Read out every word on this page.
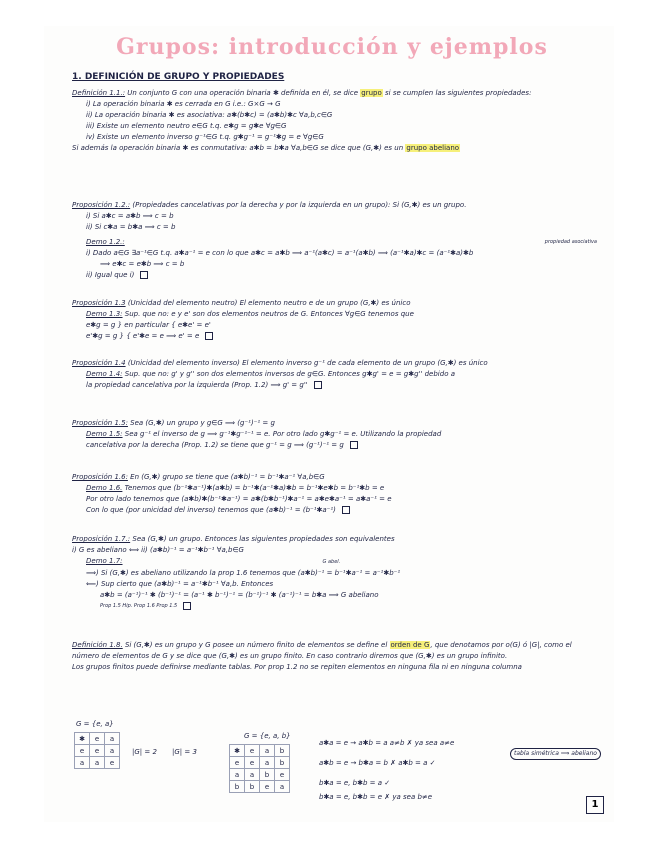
Grupos: introducción y ejemplos
1. DEFINICIÓN DE GRUPO Y PROPIEDADES
Definición 1.1.: Un conjunto G con una operación binaria ✱ definida en él, se dice grupo si se cumplen las siguientes propiedades:
i) La operación binaria ✱ es cerrada en G i.e.: G×G → G
ii) La operación binaria ✱ es asociativa: a✱(b✱c) = (a✱b)✱c ∀a,b,c∈G
iii) Existe un elemento neutro e∈G t.q. e✱g = g✱e ∀g∈G
iv) Existe un elemento inverso g⁻¹∈G t.q. g✱g⁻¹ = g⁻¹✱g = e ∀g∈G
Si además la operación binaria ✱ es conmutativa: a✱b = b✱a ∀a,b∈G se dice que (G,✱) es un grupo abeliano
Proposición 1.2.: (Propiedades cancelativas por la derecha y por la izquierda en un grupo): Si (G,✱) es un grupo.
i) Si a✱c = a✱b ⟹ c = b
ii) Si c✱a = b✱a ⟹ c = b
Demo 1.2.:	propiedad asociativa
i) Dado a∈G ∃a⁻¹∈G t.q. a✱a⁻¹ = e con lo que a✱c = a✱b ⟹ a⁻¹(a✱c) = a⁻¹(a✱b) ⟹ (a⁻¹✱a)✱c = (a⁻¹✱a)✱b
⟹ e✱c = e✱b ⟹ c = b
ii) Igual que i)
Proposición 1.3 (Unicidad del elemento neutro) El elemento neutro e de un grupo (G,✱) es único
Demo 1.3: Sup. que no: e y e' son dos elementos neutros de G. Entonces ∀g∈G tenemos que
e✱g = g } en particular { e✱e' = e'
e'✱g = g } { e'✱e = e ⟹ e' = e
Proposición 1.4 (Unicidad del elemento inverso) El elemento inverso g⁻¹ de cada elemento de un grupo (G,✱) es único
Demo 1.4: Sup. que no: g' y g'' son dos elementos inversos de g∈G. Entonces g✱g' = e = g✱g'' debido a
la propiedad cancelativa por la izquierda (Prop. 1.2) ⟹ g' = g''
Proposición 1.5: Sea (G,✱) un grupo y g∈G ⟹ (g⁻¹)⁻¹ = g
Demo 1.5: Sea g⁻¹ el inverso de g ⟹ g⁻¹✱g⁻¹⁻¹ = e. Por otro lado g✱g⁻¹ = e. Utilizando la propiedad
cancelativa por la derecha (Prop. 1.2) se tiene que g⁻¹ = g ⟹ (g⁻¹)⁻¹ = g
Proposición 1.6: En (G,✱) grupo se tiene que (a✱b)⁻¹ = b⁻¹✱a⁻¹ ∀a,b∈G
Demo 1.6. Tenemos que (b⁻¹✱a⁻¹)✱(a✱b) = b⁻¹✱(a⁻¹✱a)✱b = b⁻¹✱e✱b = b⁻¹✱b = e
Por otro lado tenemos que (a✱b)✱(b⁻¹✱a⁻¹) = a✱(b✱b⁻¹)✱a⁻¹ = a✱e✱a⁻¹ = a✱a⁻¹ = e
Con lo que (por unicidad del inverso) tenemos que (a✱b)⁻¹ = (b⁻¹✱a⁻¹)
Proposición 1.7.: Sea (G,✱) un grupo. Entonces las siguientes propiedades son equivalentes
i) G es abeliano ⟺ ii) (a✱b)⁻¹ = a⁻¹✱b⁻¹ ∀a,b∈G
Demo 1.7:	G abel.
⟹) Si (G,✱) es abeliano utilizando la prop 1.6 tenemos que (a✱b)⁻¹ = b⁻¹✱a⁻¹ = a⁻¹✱b⁻¹
⟸) Sup cierto que (a✱b)⁻¹ = a⁻¹✱b⁻¹ ∀a,b. Entonces
a✱b = (a⁻¹)⁻¹ ✱ (b⁻¹)⁻¹ = (a⁻¹ ✱ b⁻¹)⁻¹ = (b⁻¹)⁻¹ ✱ (a⁻¹)⁻¹ = b✱a ⟹ G abeliano
Prop 1.5 Hip. Prop 1.6 Prop 1.5
Definición 1.8. Si (G,✱) es un grupo y G posee un número finito de elementos se define el orden de G, que denotamos por o(G) ó |G|, como el número de elementos de G y se dice que (G,✱) es un grupo finito. En caso contrario diremos que (G,✱) es un grupo infinito.
Los grupos finitos puede definirse mediante tablas. Por prop 1.2 no se repiten elementos en ninguna fila ni en ninguna columna
G = {e, a}
✱	e	a
e	e	a
a	a	e
|G| = 2 |G| = 3
G = {e, a, b}
✱	e	a	b
e	e	a	b
a	a	b	e
b	b	e	a
a✱a = e → a✱b = a a≠b ✗ ya sea a≠e
a✱b = e → b✱a = b ✗ a✱b = a ✓
b✱a = e, b✱b = a ✓
b✱a = e, b✱b = e ✗ ya sea b≠e
tabla simétrica ⟹ abeliano
1
